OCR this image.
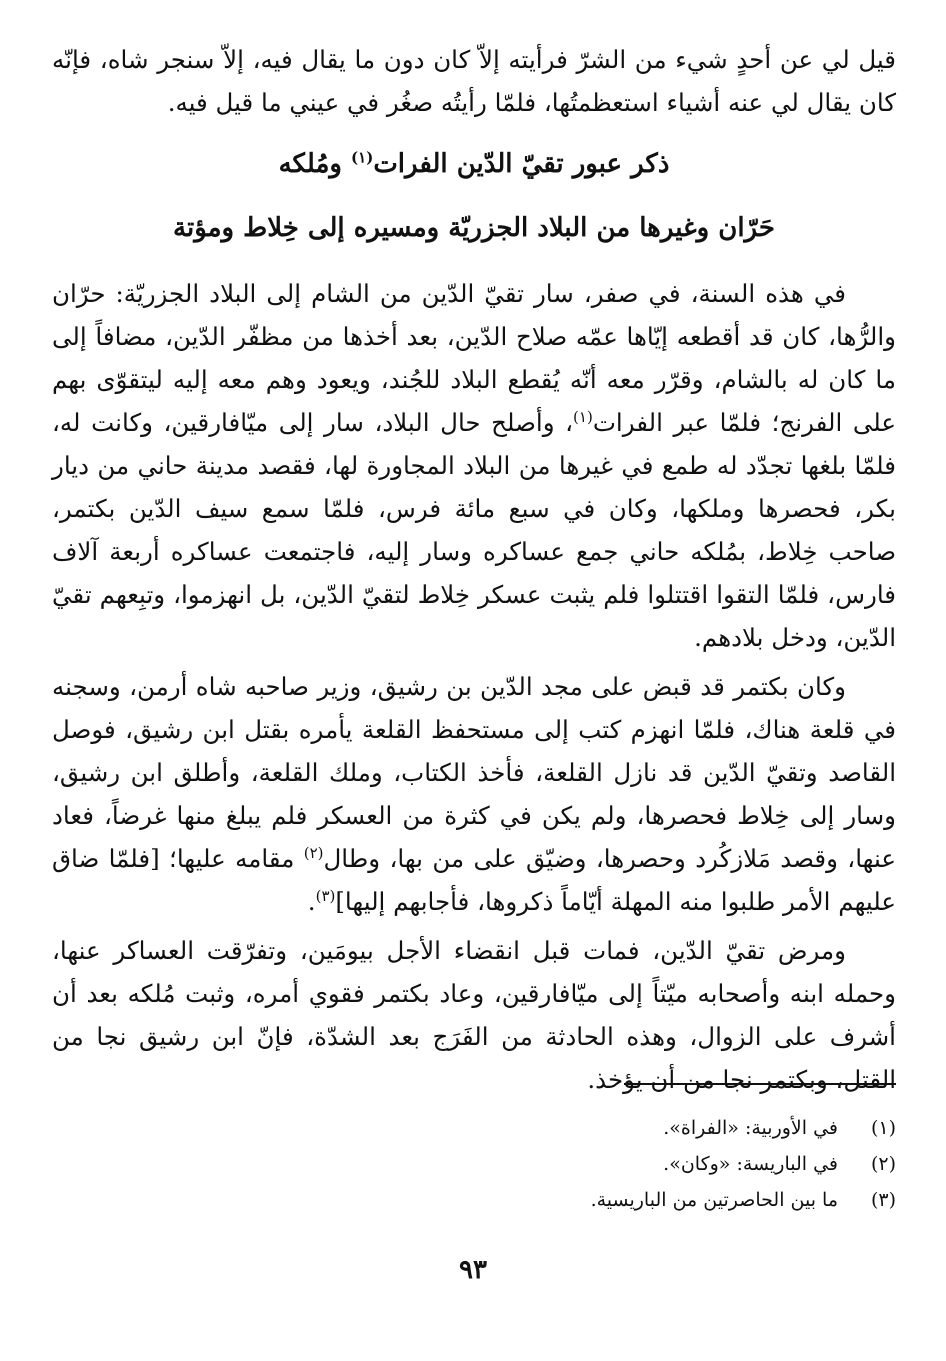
قيل لي عن أحدٍ شيء من الشرّ فرأيته إلاّ كان دون ما يقال فيه، إلاّ سنجر شاه، فإنّه كان يقال لي عنه أشياء استعظمتُها، فلمّا رأيتُه صغُر في عيني ما قيل فيه.

ذكر عبور تقيّ الدّين الفرات$^{(١)}$ ومُلكه
حَرّان وغيرها من البلاد الجزريّة ومسيره إلى خِلاط ومؤتة

في هذه السنة، في صفر، سار تقيّ الدّين من الشام إلى البلاد الجزريّة: حرّان والرُّها، كان قد أقطعه إيّاها عمّه صلاح الدّين، بعد أخذها من مظفّر الدّين، مضافاً إلى ما كان له بالشام، وقرّر معه أنّه يُقطع البلاد للجُند، ويعود وهم معه إليه ليتقوّى بهم على الفرنج؛ فلمّا عبر الفرات$^{(١)}$، وأصلح حال البلاد، سار إلى ميّافارقين، وكانت له، فلمّا بلغها تجدّد له طمع في غيرها من البلاد المجاورة لها، فقصد مدينة حاني من ديار بكر، فحصرها وملكها، وكان في سبع مائة فرس، فلمّا سمع سيف الدّين بكتمر، صاحب خِلاط، بمُلكه حاني جمع عساكره وسار إليه، فاجتمعت عساكره أربعة آلاف فارس، فلمّا التقوا اقتتلوا فلم يثبت عسكر خِلاط لتقيّ الدّين، بل انهزموا، وتبِعهم تقيّ الدّين، ودخل بلادهم.

وكان بكتمر قد قبض على مجد الدّين بن رشيق، وزير صاحبه شاه أرمن، وسجنه في قلعة هناك، فلمّا انهزم كتب إلى مستحفظ القلعة يأمره بقتل ابن رشيق، فوصل القاصد وتقيّ الدّين قد نازل القلعة، فأخذ الكتاب، وملك القلعة، وأطلق ابن رشيق، وسار إلى خِلاط فحصرها، ولم يكن في كثرة من العسكر فلم يبلغ منها غرضاً، فعاد عنها، وقصد مَلازكُرد وحصرها، وضيّق على من بها، وطال$^{(٢)}$ مقامه عليها؛ [فلمّا ضاق عليهم الأمر طلبوا منه المهلة أيّاماً ذكروها، فأجابهم إليها]$^{(٣)}$.

ومرض تقيّ الدّين، فمات قبل انقضاء الأجل بيومَين، وتفرّقت العساكر عنها، وحمله ابنه وأصحابه ميّتاً إلى ميّافارقين، وعاد بكتمر فقوي أمره، وثبت مُلكه بعد أن أشرف على الزوال، وهذه الحادثة من الفَرَج بعد الشدّة، فإنّ ابن رشيق نجا من القتل، وبكتمر نجا من أن يؤخذ.

(١)
في الأوربية: «الفراة».
(٢)
في الباريسة: «وكان».
(٣)
ما بين الحاصرتين من الباريسية.
٩٣
